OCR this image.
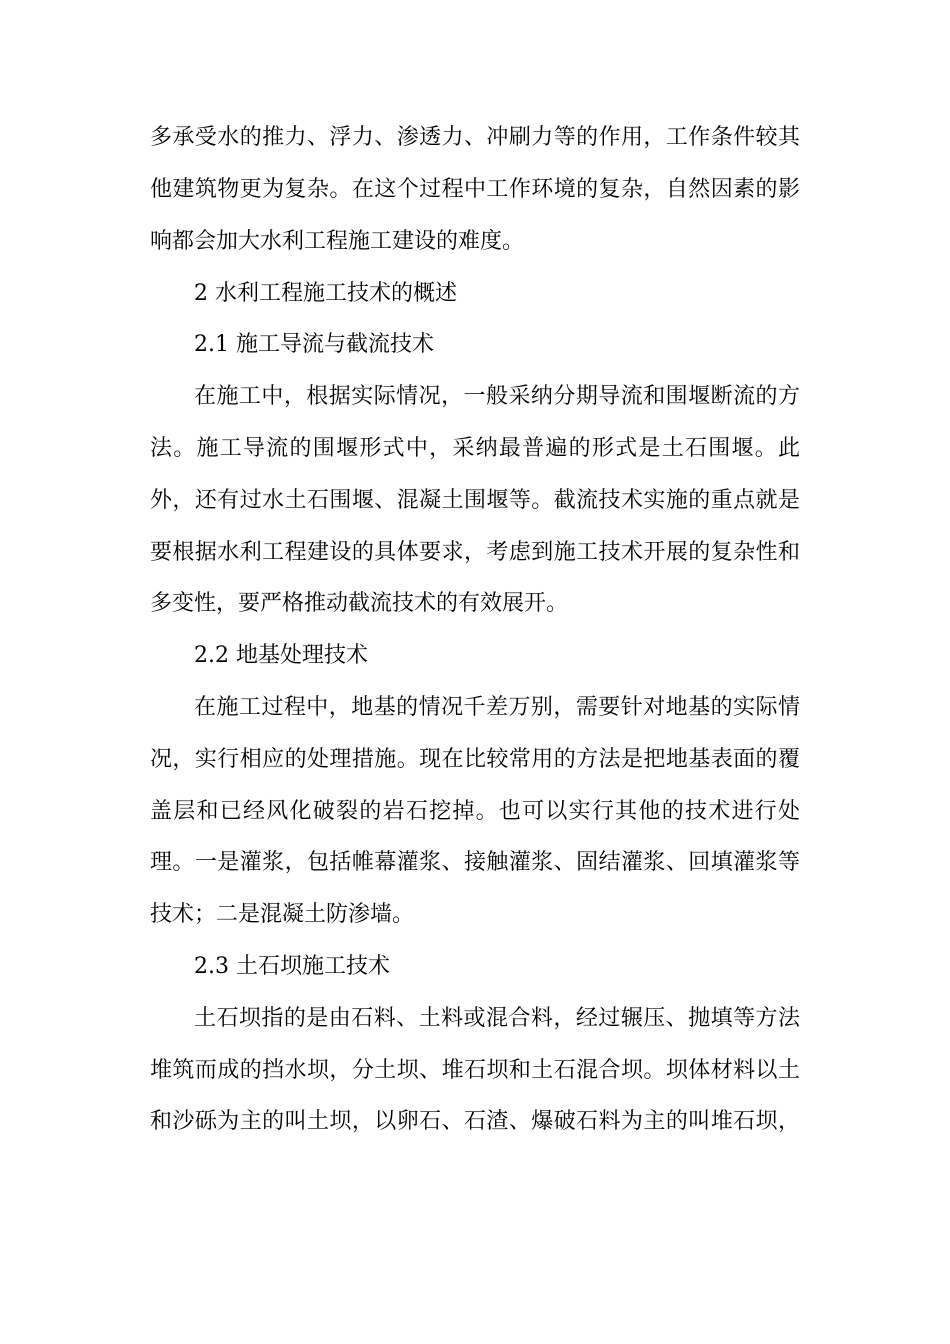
多承受水的推力、浮力、渗透力、冲刷力等的作用，工作条件较其
他建筑物更为复杂。在这个过程中工作环境的复杂，自然因素的影
响都会加大水利工程施工建设的难度。
2 水利工程施工技术的概述
2.1 施工导流与截流技术
在施工中，根据实际情况，一般采纳分期导流和围堰断流的方
法。施工导流的围堰形式中，采纳最普遍的形式是土石围堰。此
外，还有过水土石围堰、混凝土围堰等。截流技术实施的重点就是
要根据水利工程建设的具体要求，考虑到施工技术开展的复杂性和
多变性，要严格推动截流技术的有效展开。
2.2 地基处理技术
在施工过程中，地基的情况千差万别，需要针对地基的实际情
况，实行相应的处理措施。现在比较常用的方法是把地基表面的覆
盖层和已经风化破裂的岩石挖掉。也可以实行其他的技术进行处
理。一是灌浆，包括帷幕灌浆、接触灌浆、固结灌浆、回填灌浆等
技术；二是混凝土防渗墙。
2.3 土石坝施工技术
土石坝指的是由石料、土料或混合料，经过辗压、抛填等方法
堆筑而成的挡水坝，分土坝、堆石坝和土石混合坝。坝体材料以土
和沙砾为主的叫土坝，以卵石、石渣、爆破石料为主的叫堆石坝，
